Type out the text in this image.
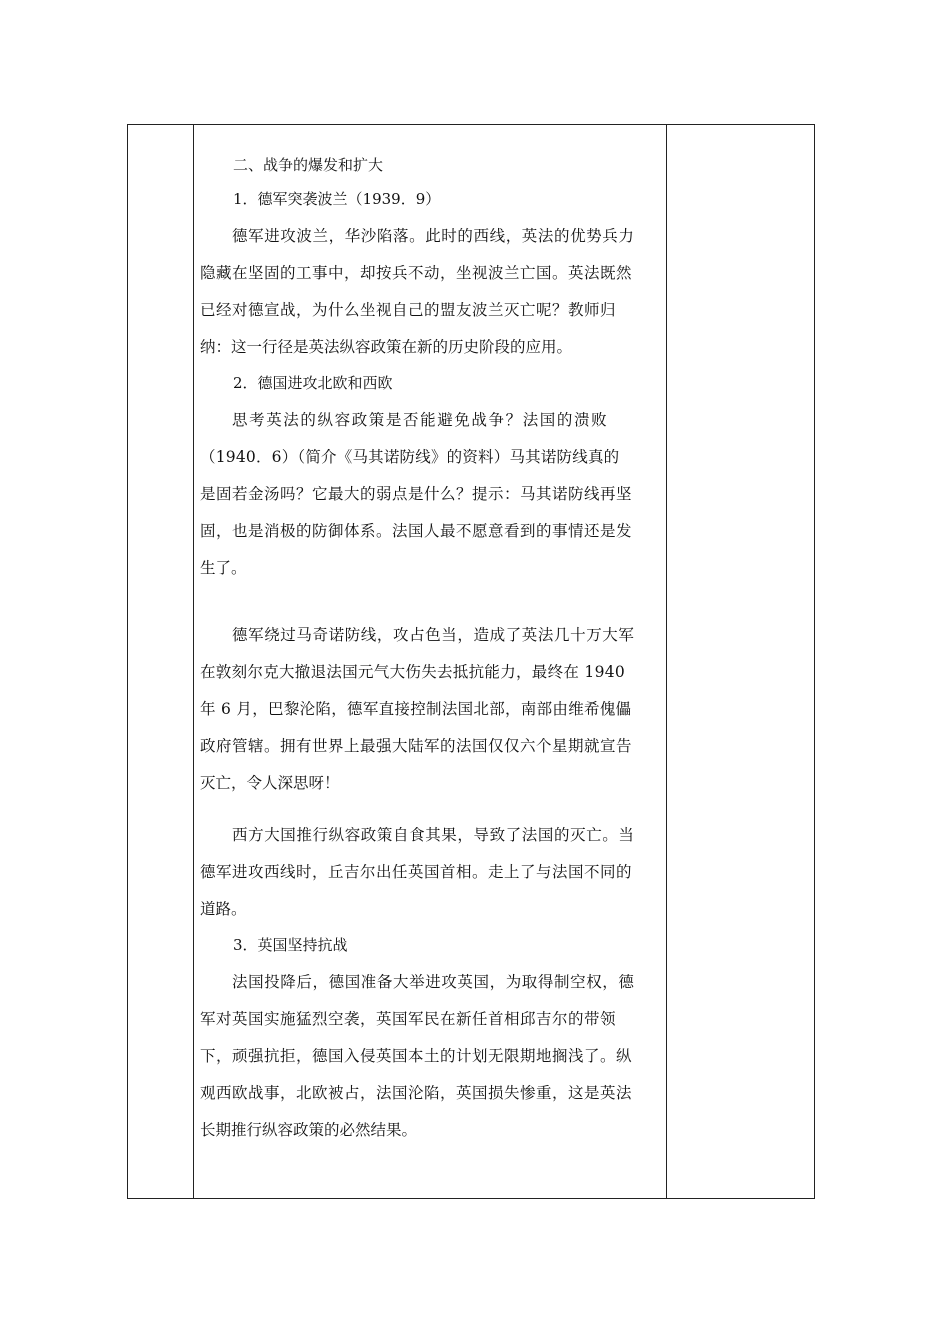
二、战争的爆发和扩大
1．德军突袭波兰（1939．9）
德军进攻波兰，华沙陷落。此时的西线，英法的优势兵力
隐藏在坚固的工事中，却按兵不动，坐视波兰亡国。英法既然
已经对德宣战，为什么坐视自己的盟友波兰灭亡呢？教师归
纳：这一行径是英法纵容政策在新的历史阶段的应用。
2．德国进攻北欧和西欧
思考英法的纵容政策是否能避免战争？法国的溃败
（1940．6）（简介《马其诺防线》的资料）马其诺防线真的
是固若金汤吗？它最大的弱点是什么？提示：马其诺防线再坚
固，也是消极的防御体系。法国人最不愿意看到的事情还是发
生了。
德军绕过马奇诺防线，攻占色当，造成了英法几十万大军
在敦刻尔克大撤退法国元气大伤失去抵抗能力，最终在 1940
年 6 月，巴黎沦陷，德军直接控制法国北部，南部由维希傀儡
政府管辖。拥有世界上最强大陆军的法国仅仅六个星期就宣告
灭亡，令人深思呀！
西方大国推行纵容政策自食其果，导致了法国的灭亡。当
德军进攻西线时，丘吉尔出任英国首相。走上了与法国不同的
道路。
3．英国坚持抗战
法国投降后，德国准备大举进攻英国，为取得制空权，德
军对英国实施猛烈空袭，英国军民在新任首相邱吉尔的带领
下，顽强抗拒，德国入侵英国本土的计划无限期地搁浅了。纵
观西欧战事，北欧被占，法国沦陷，英国损失惨重，这是英法
长期推行纵容政策的必然结果。
